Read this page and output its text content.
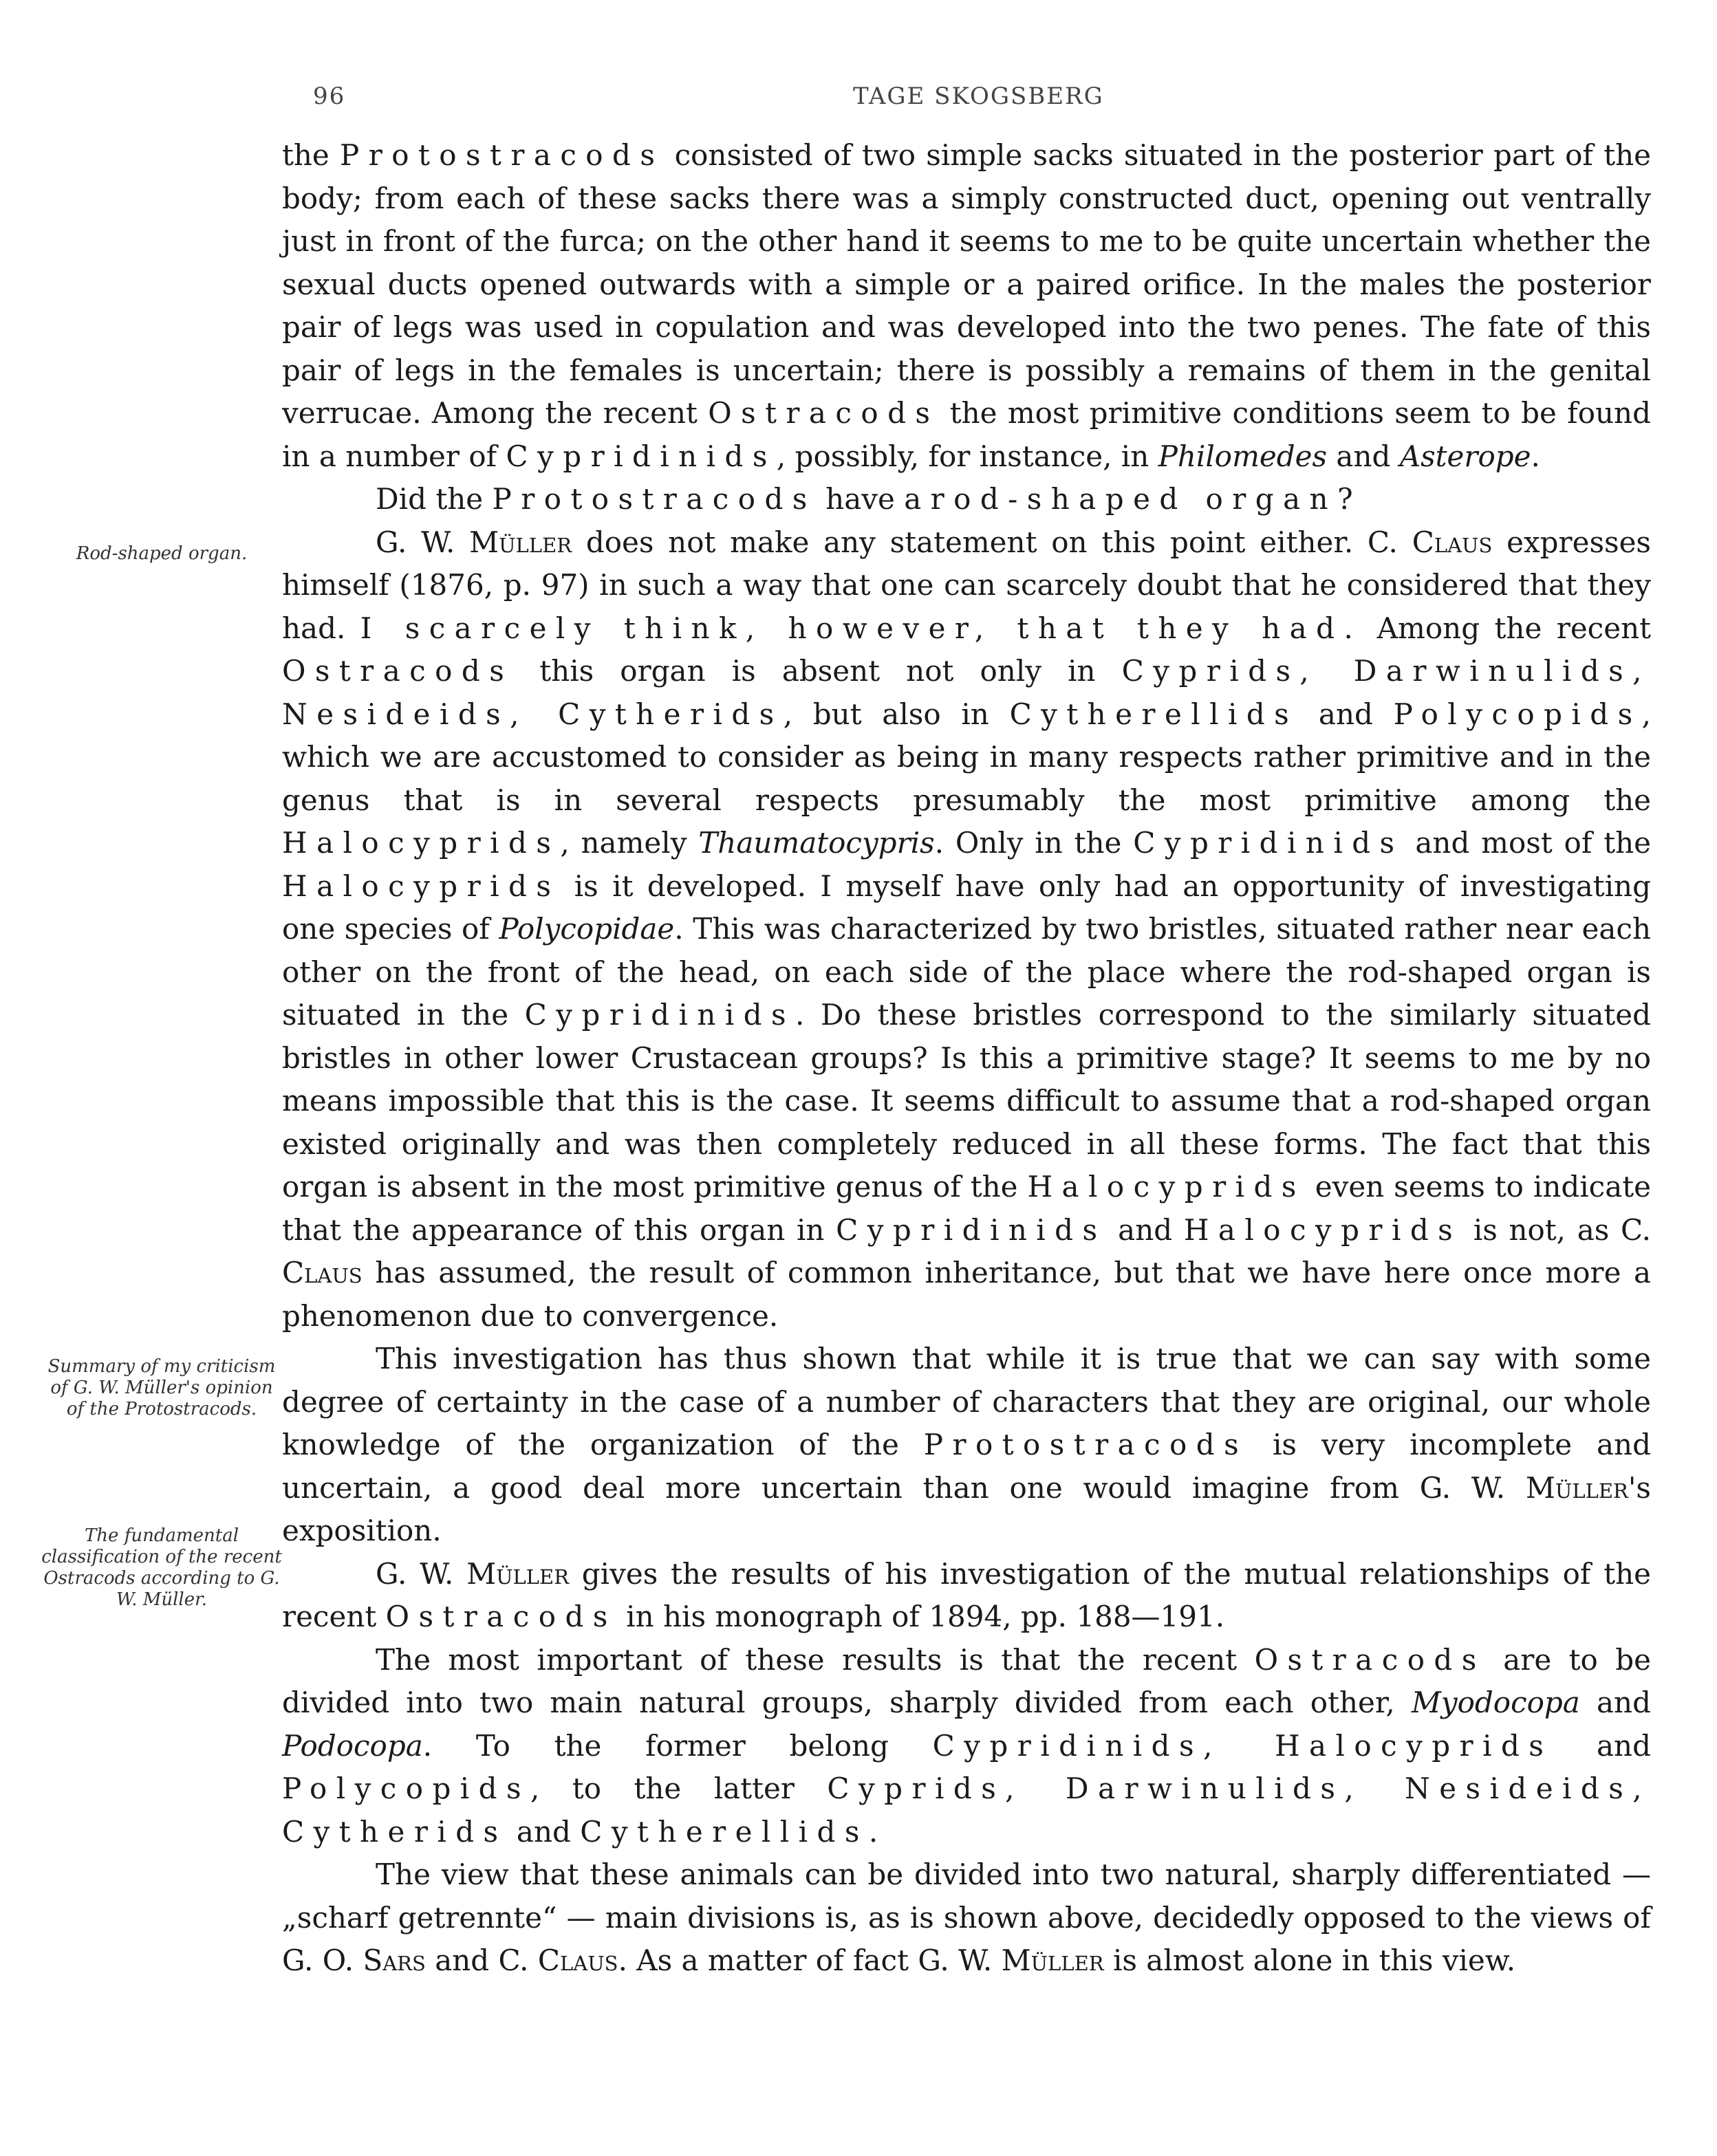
96	TAGE SKOGSBERG
Rod-shaped organ.
Summary of my criticism of G. W. Müller's opinion of the Protostracods.
The fundamental classification of the recent Ostracods according to G. W. Müller.

the Protostracods consisted of two simple sacks situated in the posterior part of the body; from each of these sacks there was a simply constructed duct, opening out ventrally just in front of the furca; on the other hand it seems to me to be quite uncertain whether the sexual ducts opened outwards with a simple or a paired orifice. In the males the posterior pair of legs was used in copulation and was developed into the two penes. The fate of this pair of legs in the females is uncertain; there is possibly a remains of them in the genital verrucae. Among the recent Ostracods the most primitive conditions seem to be found in a number of Cypridinids, possibly, for instance, in Philomedes and Asterope.

Did the Protostracods have a rod-shaped organ?

G. W. Müller does not make any statement on this point either. C. Claus expresses himself (1876, p. 97) in such a way that one can scarcely doubt that he considered that they had. I scarcely think, however, that they had. Among the recent Ostracods this organ is absent not only in Cyprids, Darwinulids, Nesideids, Cytherids, but also in Cytherellids and Polycopids, which we are accustomed to consider as being in many respects rather primitive and in the genus that is in several respects presumably the most primitive among the Halocyprids, namely Thaumatocypris. Only in the Cypridinids and most of the Halocyprids is it developed. I myself have only had an opportunity of investigating one species of Polycopidae. This was characterized by two bristles, situated rather near each other on the front of the head, on each side of the place where the rod-shaped organ is situated in the Cypridinids. Do these bristles correspond to the similarly situated bristles in other lower Crustacean groups? Is this a primitive stage? It seems to me by no means impossible that this is the case. It seems difficult to assume that a rod-shaped organ existed originally and was then completely reduced in all these forms. The fact that this organ is absent in the most primitive genus of the Halocyprids even seems to indicate that the appearance of this organ in Cypridinids and Halocyprids is not, as C. Claus has assumed, the result of common inheritance, but that we have here once more a phenomenon due to convergence.

This investigation has thus shown that while it is true that we can say with some degree of certainty in the case of a number of characters that they are original, our whole knowledge of the organization of the Protostracods is very incomplete and uncertain, a good deal more uncertain than one would imagine from G. W. Müller's exposition.

G. W. Müller gives the results of his investigation of the mutual relationships of the recent Ostracods in his monograph of 1894, pp. 188—191.

The most important of these results is that the recent Ostracods are to be divided into two main natural groups, sharply divided from each other, Myodocopa and Podocopa. To the former belong Cypridinids, Halocyprids and Polycopids, to the latter Cyprids, Darwinulids, Nesideids, Cytherids and Cytherellids.

The view that these animals can be divided into two natural, sharply differentiated — „scharf getrennte“ — main divisions is, as is shown above, decidedly opposed to the views of G. O. Sars and C. Claus. As a matter of fact G. W. Müller is almost alone in this view.
